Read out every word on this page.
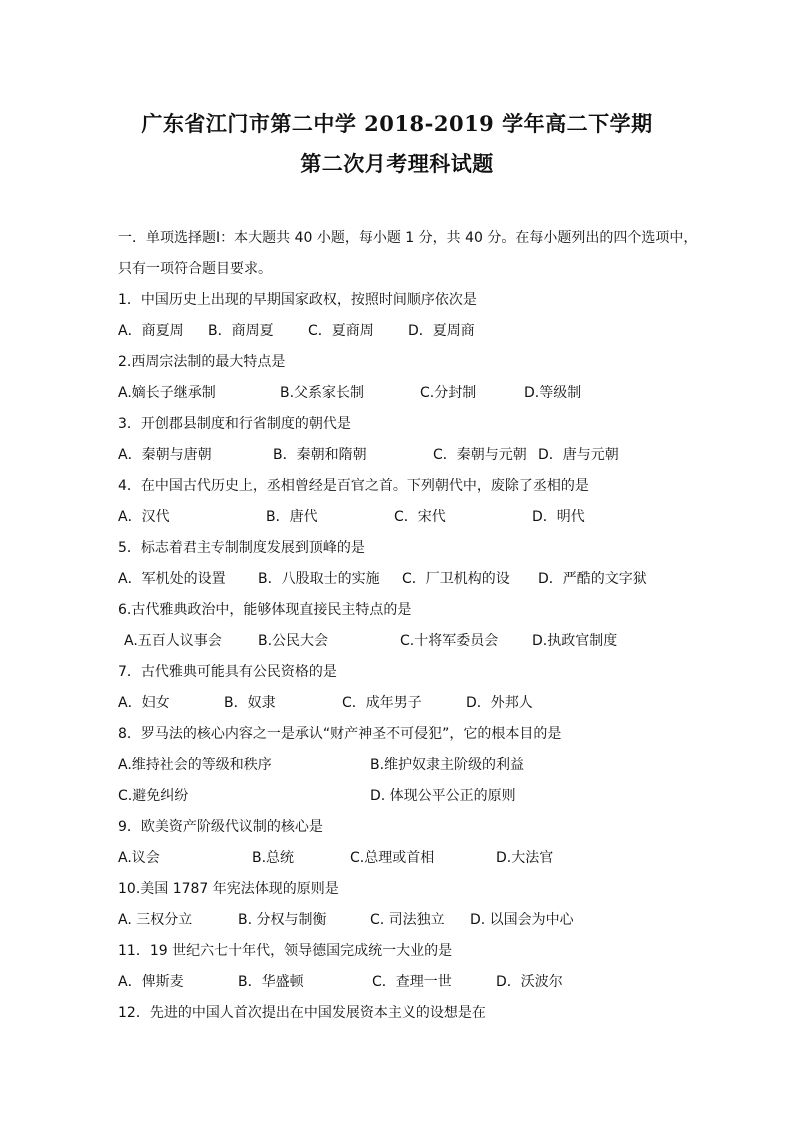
广东省江门市第二中学 2018-2019 学年高二下学期
第二次月考理科试题
一．单项选择题Ⅰ：本大题共 40 小题，每小题 1 分，共 40 分。在每小题列出的四个选项中，
只有一项符合题目要求。
1．中国历史上出现的早期国家政权，按照时间顺序依次是
A．商夏周 B．商周夏 C．夏商周 D．夏周商
2.西周宗法制的最大特点是
A.嫡长子继承制	B.父系家长制	C.分封制	D.等级制
3．开创郡县制度和行省制度的朝代是
A．秦朝与唐朝	B．秦朝和隋朝	C．秦朝与元朝 D．唐与元朝
4．在中国古代历史上，丞相曾经是百官之首。下列朝代中，废除了丞相的是
A．汉代	B．唐代	C．宋代	D．明代
5．标志着君主专制制度发展到顶峰的是
A．军机处的设置 B．八股取士的实施 C．厂卫机构的设 D．严酷的文字狱
6.古代雅典政治中，能够体现直接民主特点的是
A.五百人议事会	B.公民大会	C.十将军委员会 D.执政官制度
7．古代雅典可能具有公民资格的是
A．妇女	B．奴隶	C．成年男子	D．外邦人
8．罗马法的核心内容之一是承认“财产神圣不可侵犯”，它的根本目的是
A.维持社会的等级和秩序	B.维护奴隶主阶级的利益
C.避免纠纷	D. 体现公平公正的原则
9．欧美资产阶级代议制的核心是
A.议会	B.总统	C.总理或首相	D.大法官
10.美国 1787 年宪法体现的原则是
A. 三权分立	B. 分权与制衡	C. 司法独立 D. 以国会为中心
11．19 世纪六七十年代，领导德国完成统一大业的是
A．俾斯麦	B．华盛顿	C．查理一世	D．沃波尔
12．先进的中国人首次提出在中国发展资本主义的设想是在
